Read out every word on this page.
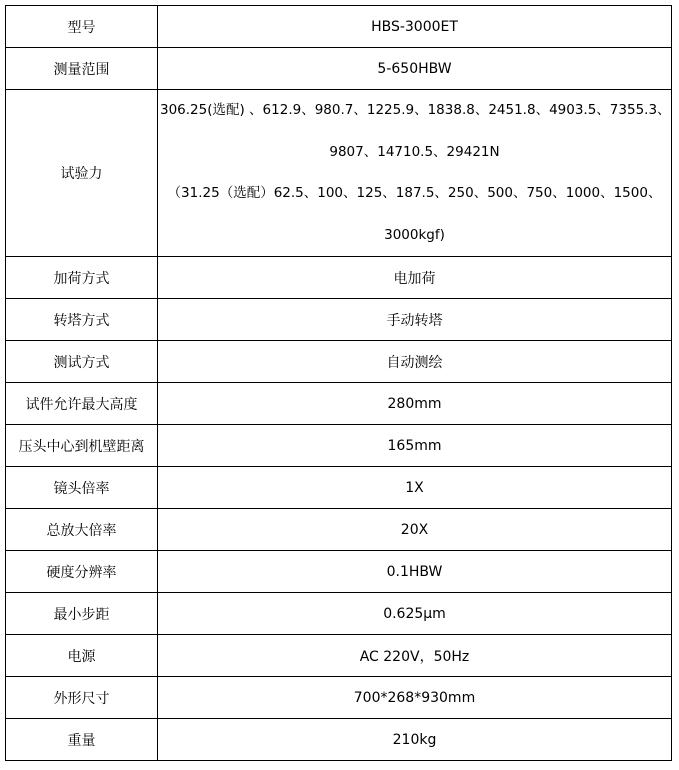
型号	HBS-3000ET
测量范围	5-650HBW
试验力	306.25(选配) 、612.9、980.7、1225.9、1838.8、2451.8、4903.5、7355.3、
9807、14710.5、29421N
（31.25（选配）62.5、100、125、187.5、250、500、750、1000、1500、
3000kgf)

加荷方式	电加荷
转塔方式	手动转塔
测试方式	自动测绘
试件允许最大高度	280mm
压头中心到机壁距离	165mm
镜头倍率	1X
总放大倍率	20X
硬度分辨率	0.1HBW
最小步距	0.625μm
电源	AC 220V，50Hz
外形尺寸	700*268*930mm
重量	210kg
